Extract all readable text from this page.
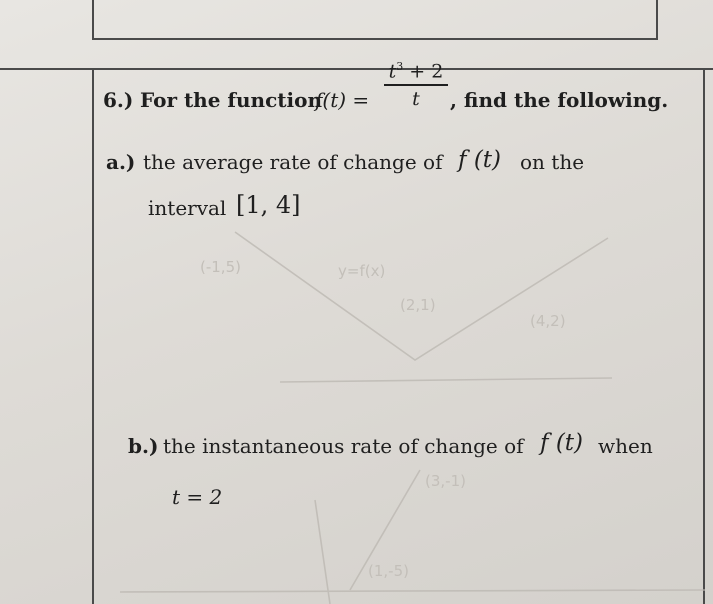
(-1,5)	y=f(x)
(2,1)
(4,2)
(3,-1)
(1,-5)
6.) For the function
f(t) =
$t^3 + 2$
t	, find the following.
a.) the average rate of change of f (t) on the
interval [1, 4]
b.) the instantaneous rate of change of f (t) when
t = 2
